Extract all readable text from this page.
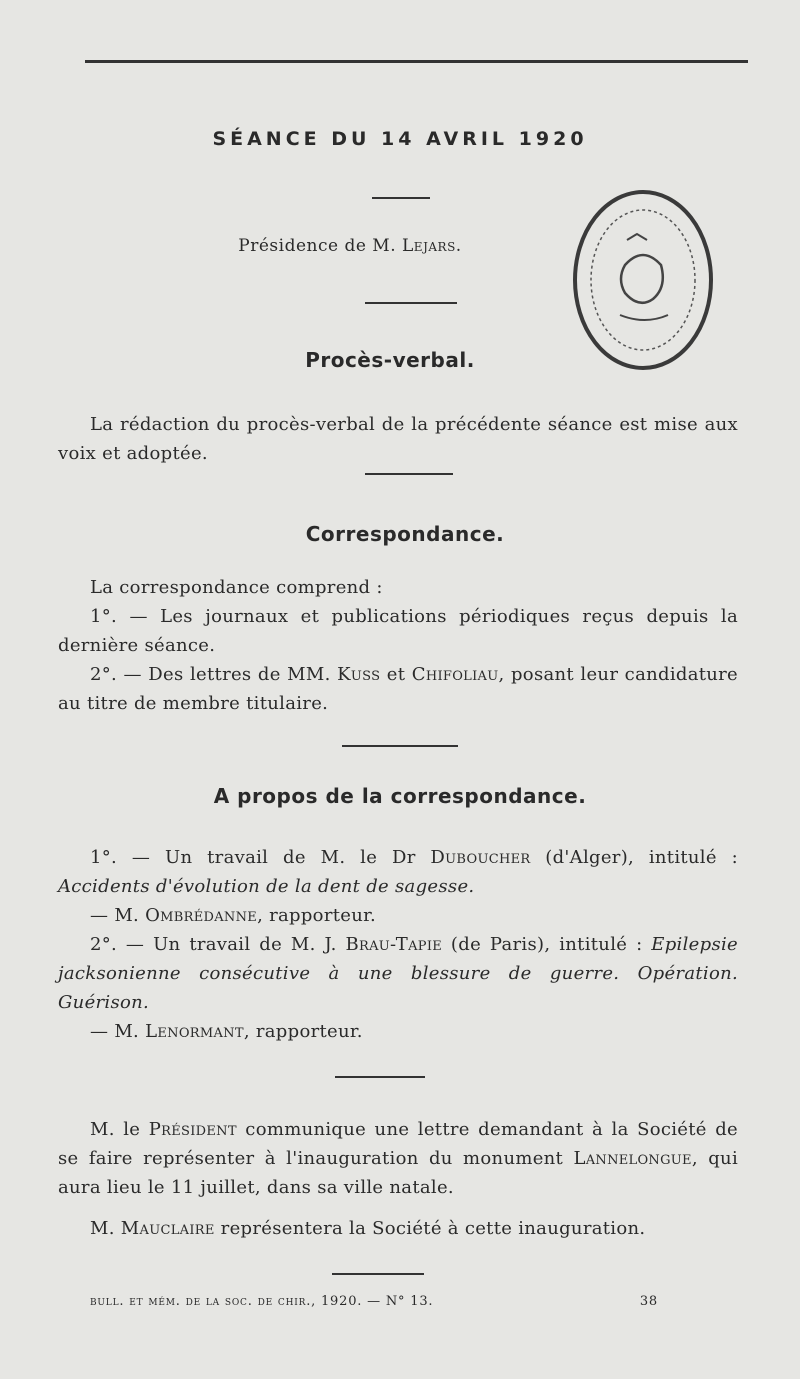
SÉANCE DU 14 AVRIL 1920
Présidence de M. Lejars.
Procès-verbal.

La rédaction du procès-verbal de la précédente séance est mise aux voix et adoptée.

Correspondance.

La correspondance comprend :

1°. — Les journaux et publications périodiques reçus depuis la dernière séance.

2°. — Des lettres de MM. Kuss et Chifoliau, posant leur candidature au titre de membre titulaire.

A propos de la correspondance.

1°. — Un travail de M. le Dr Duboucher (d'Alger), intitulé : Accidents d'évolution de la dent de sagesse.

— M. Ombrédanne, rapporteur.

2°. — Un travail de M. J. Brau-Tapie (de Paris), intitulé : Epilepsie jacksonienne consécutive à une blessure de guerre. Opération. Guérison.

— M. Lenormant, rapporteur.

M. le Président communique une lettre demandant à la Société de se faire représenter à l'inauguration du monument Lannelongue, qui aura lieu le 11 juillet, dans sa ville natale.

M. Mauclaire représentera la Société à cette inauguration.

bull. et mém. de la soc. de chir., 1920. — N° 13.	38
